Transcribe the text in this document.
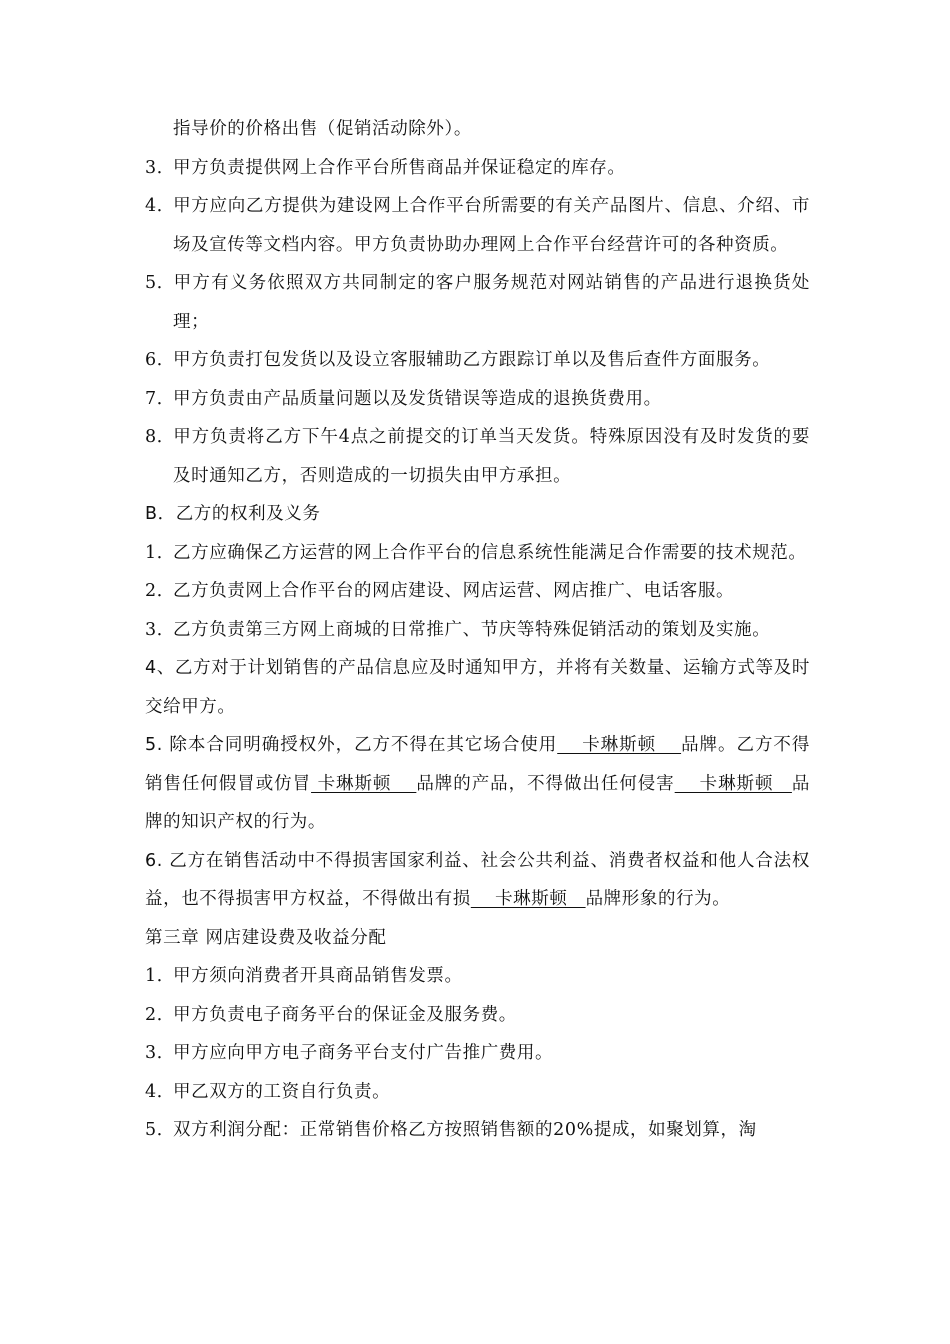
指导价的价格出售（促销活动除外）。

3．甲方负责提供网上合作平台所售商品并保证稳定的库存。

4．甲方应向乙方提供为建设网上合作平台所需要的有关产品图片、信息、介绍、市场及宣传等文档内容。甲方负责协助办理网上合作平台经营许可的各种资质。

5．甲方有义务依照双方共同制定的客户服务规范对网站销售的产品进行退换货处理；

6．甲方负责打包发货以及设立客服辅助乙方跟踪订单以及售后查件方面服务。

7．甲方负责由产品质量问题以及发货错误等造成的退换货费用。

8．甲方负责将乙方下午4点之前提交的订单当天发货。特殊原因没有及时发货的要及时通知乙方，否则造成的一切损失由甲方承担。

B．乙方的权利及义务

1．乙方应确保乙方运营的网上合作平台的信息系统性能满足合作需要的技术规范。

2．乙方负责网上合作平台的网店建设、网店运营、网店推广、电话客服。

3．乙方负责第三方网上商城的日常推广、节庆等特殊促销活动的策划及实施。

4、乙方对于计划销售的产品信息应及时通知甲方，并将有关数量、运输方式等及时交给甲方。

5. 除本合同明确授权外，乙方不得在其它场合使用　 卡琳斯顿 　品牌。乙方不得销售任何假冒或仿冒 卡琳斯顿　 品牌的产品，不得做出任何侵害 　卡琳斯顿　品牌的知识产权的行为。

6. 乙方在销售活动中不得损害国家利益、社会公共利益、消费者权益和他人合法权益，也不得损害甲方权益，不得做出有损 　卡琳斯顿　品牌形象的行为。

第三章 网店建设费及收益分配

1．甲方须向消费者开具商品销售发票。

2．甲方负责电子商务平台的保证金及服务费。

3．甲方应向甲方电子商务平台支付广告推广费用。

4．甲乙双方的工资自行负责。

5．双方利润分配：正常销售价格乙方按照销售额的20%提成，如聚划算，淘
